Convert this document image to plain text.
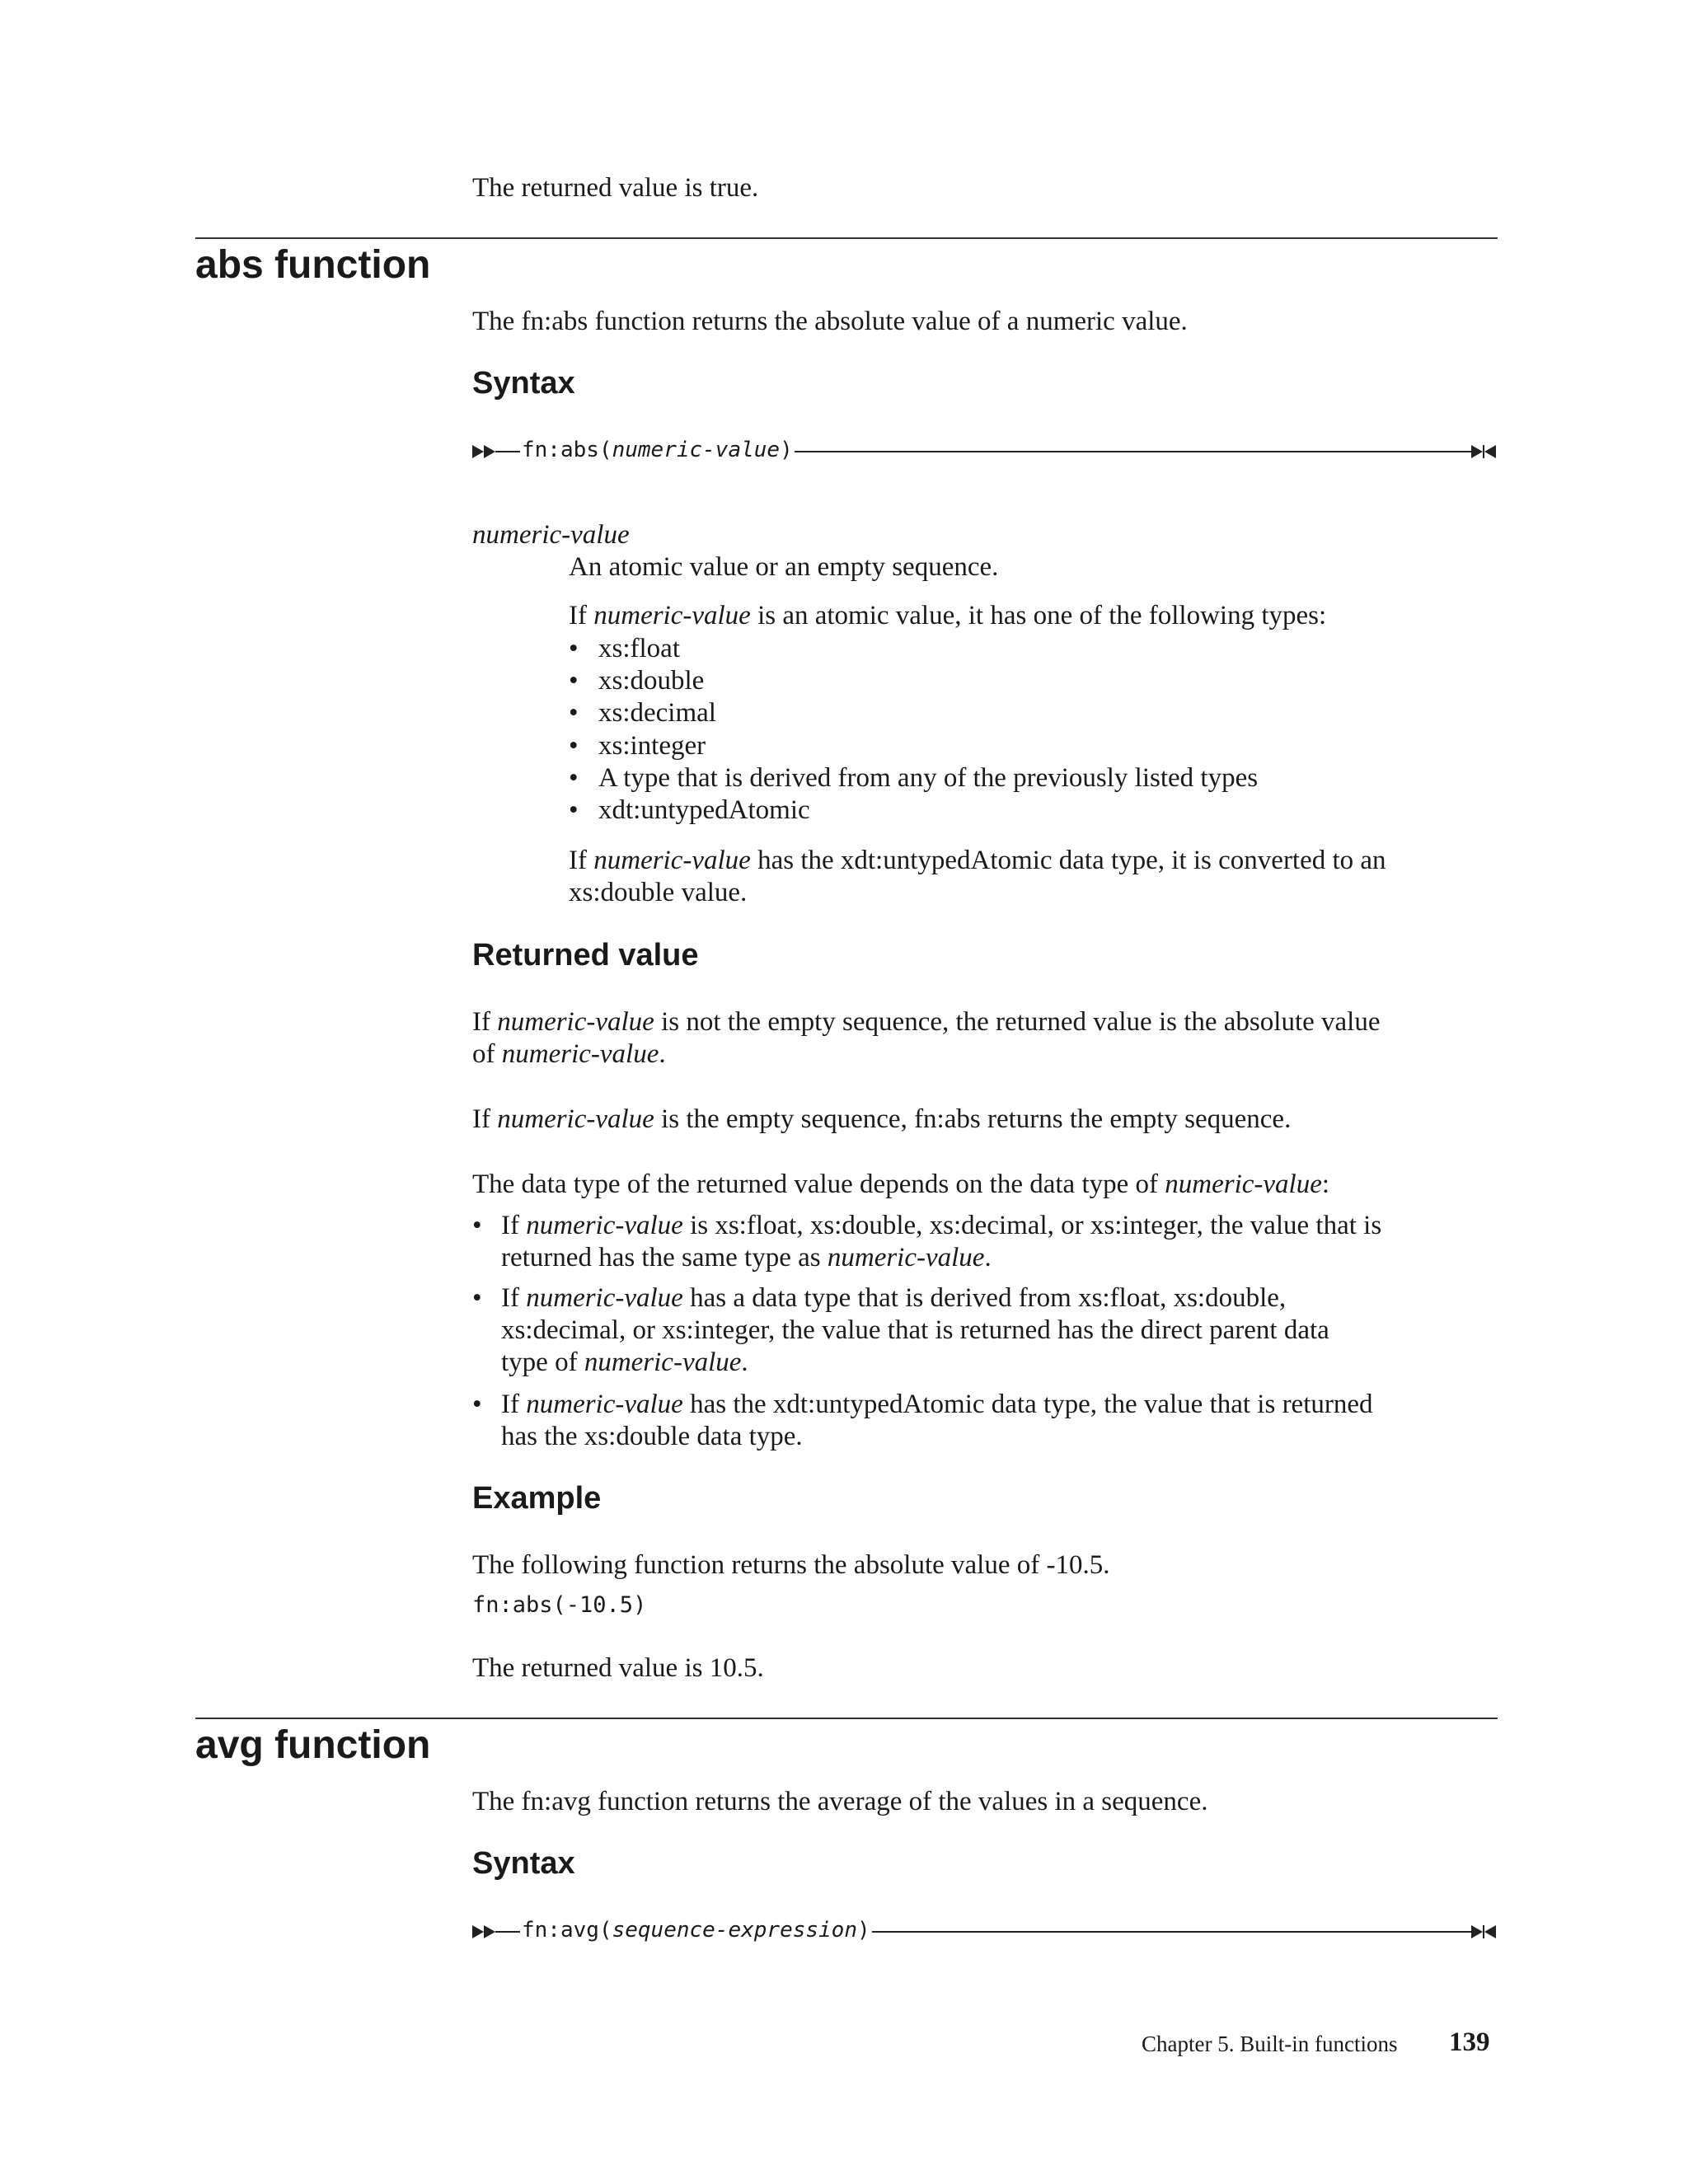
The returned value is true.
abs function
The fn:abs function returns the absolute value of a numeric value.
Syntax
fn:abs(numeric-value)
numeric-value
An atomic value or an empty sequence.
If numeric-value is an atomic value, it has one of the following types:
• xs:float
• xs:double
• xs:decimal
• xs:integer
• A type that is derived from any of the previously listed types
• xdt:untypedAtomic
If numeric-value has the xdt:untypedAtomic data type, it is converted to an
xs:double value.
Returned value
If numeric-value is not the empty sequence, the returned value is the absolute value
of numeric-value.
If numeric-value is the empty sequence, fn:abs returns the empty sequence.
The data type of the returned value depends on the data type of numeric-value:
• If numeric-value is xs:float, xs:double, xs:decimal, or xs:integer, the value that is
returned has the same type as numeric-value.
• If numeric-value has a data type that is derived from xs:float, xs:double,
xs:decimal, or xs:integer, the value that is returned has the direct parent data
type of numeric-value.
• If numeric-value has the xdt:untypedAtomic data type, the value that is returned
has the xs:double data type.
Example
The following function returns the absolute value of -10.5.
fn:abs(-10.5)
The returned value is 10.5.
avg function
The fn:avg function returns the average of the values in a sequence.
Syntax
fn:avg(sequence-expression)
Chapter 5. Built-in functions 139
